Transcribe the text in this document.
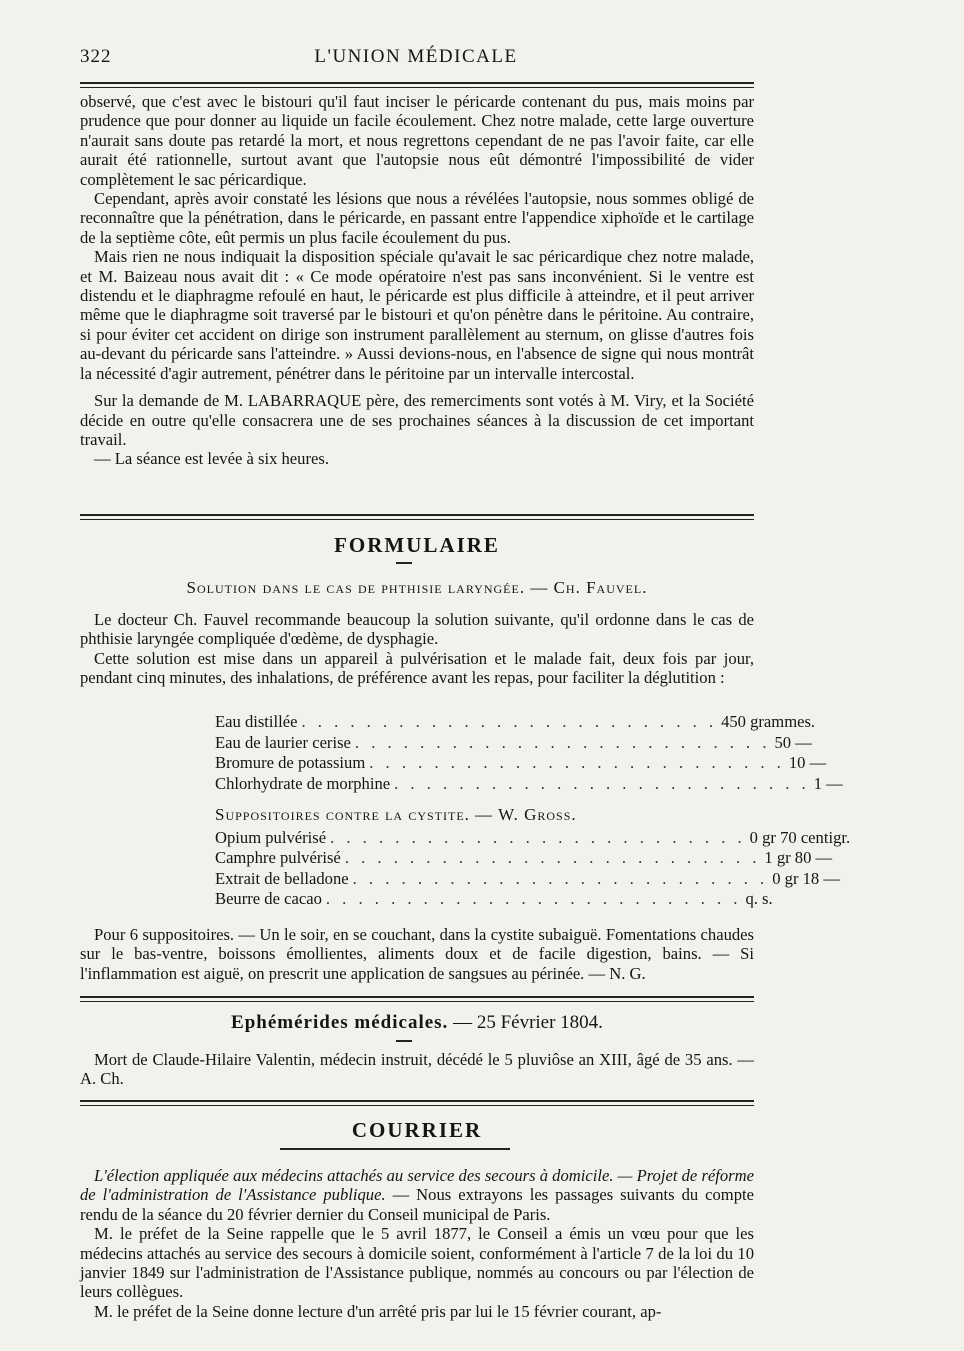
322	L'UNION MÉDICALE

observé, que c'est avec le bistouri qu'il faut inciser le péricarde contenant du pus, mais moins par prudence que pour donner au liquide un facile écoulement. Chez notre malade, cette large ouverture n'aurait sans doute pas retardé la mort, et nous regrettons cependant de ne pas l'avoir faite, car elle aurait été rationnelle, surtout avant que l'autopsie nous eût démontré l'impossibilité de vider complètement le sac péricardique.

Cependant, après avoir constaté les lésions que nous a révélées l'autopsie, nous sommes obligé de reconnaître que la pénétration, dans le péricarde, en passant entre l'appendice xiphoïde et le cartilage de la septième côte, eût permis un plus facile écoulement du pus.

Mais rien ne nous indiquait la disposition spéciale qu'avait le sac péricardique chez notre malade, et M. Baizeau nous avait dit : « Ce mode opératoire n'est pas sans inconvénient. Si le ventre est distendu et le diaphragme refoulé en haut, le péricarde est plus difficile à atteindre, et il peut arriver même que le diaphragme soit traversé par le bistouri et qu'on pénètre dans le péritoine. Au contraire, si pour éviter cet accident on dirige son instrument parallèlement au sternum, on glisse d'autres fois au-devant du péricarde sans l'atteindre. » Aussi devions-nous, en l'absence de signe qui nous montrât la nécessité d'agir autrement, pénétrer dans le péritoine par un intervalle intercostal.

Sur la demande de M. LABARRAQUE père, des remerciments sont votés à M. Viry, et la Société décide en outre qu'elle consacrera une de ses prochaines séances à la discussion de cet important travail.

— La séance est levée à six heures.

FORMULAIRE
Solution dans le cas de phthisie laryngée. — Ch. Fauvel.

Le docteur Ch. Fauvel recommande beaucoup la solution suivante, qu'il ordonne dans le cas de phthisie laryngée compliquée d'œdème, de dysphagie.

Cette solution est mise dans un appareil à pulvérisation et le malade fait, deux fois par jour, pendant cinq minutes, des inhalations, de préférence avant les repas, pour faciliter la déglutition :

Eau distillée . . . . . . . . . . . . . . . . . . . . . . . . . . 450 grammes.
Eau de laurier cerise . . . . . . . . . . . . . . . . . . . . . . . . . . 50 —
Bromure de potassium . . . . . . . . . . . . . . . . . . . . . . . . . . 10 —
Chlorhydrate de morphine . . . . . . . . . . . . . . . . . . . . . . . . . . 1 —
Suppositoires contre la cystite. — W. Gross.
Opium pulvérisé . . . . . . . . . . . . . . . . . . . . . . . . . . 0 gr 70 centigr.
Camphre pulvérisé . . . . . . . . . . . . . . . . . . . . . . . . . . 1 gr 80 —
Extrait de belladone . . . . . . . . . . . . . . . . . . . . . . . . . . 0 gr 18 —
Beurre de cacao . . . . . . . . . . . . . . . . . . . . . . . . . . q. s.

Pour 6 suppositoires. — Un le soir, en se couchant, dans la cystite subaiguë. Fomentations chaudes sur le bas-ventre, boissons émollientes, aliments doux et de facile digestion, bains. — Si l'inflammation est aiguë, on prescrit une application de sangsues au périnée. — N. G.

Ephémérides médicales. — 25 Février 1804.

Mort de Claude-Hilaire Valentin, médecin instruit, décédé le 5 pluviôse an XIII, âgé de 35 ans. — A. Ch.

COURRIER

L'élection appliquée aux médecins attachés au service des secours à domicile. — Projet de réforme de l'administration de l'Assistance publique. — Nous extrayons les passages suivants du compte rendu de la séance du 20 février dernier du Conseil municipal de Paris.

M. le préfet de la Seine rappelle que le 5 avril 1877, le Conseil a émis un vœu pour que les médecins attachés au service des secours à domicile soient, conformément à l'article 7 de la loi du 10 janvier 1849 sur l'administration de l'Assistance publique, nommés au concours ou par l'élection de leurs collègues.

M. le préfet de la Seine donne lecture d'un arrêté pris par lui le 15 février courant, ap-
